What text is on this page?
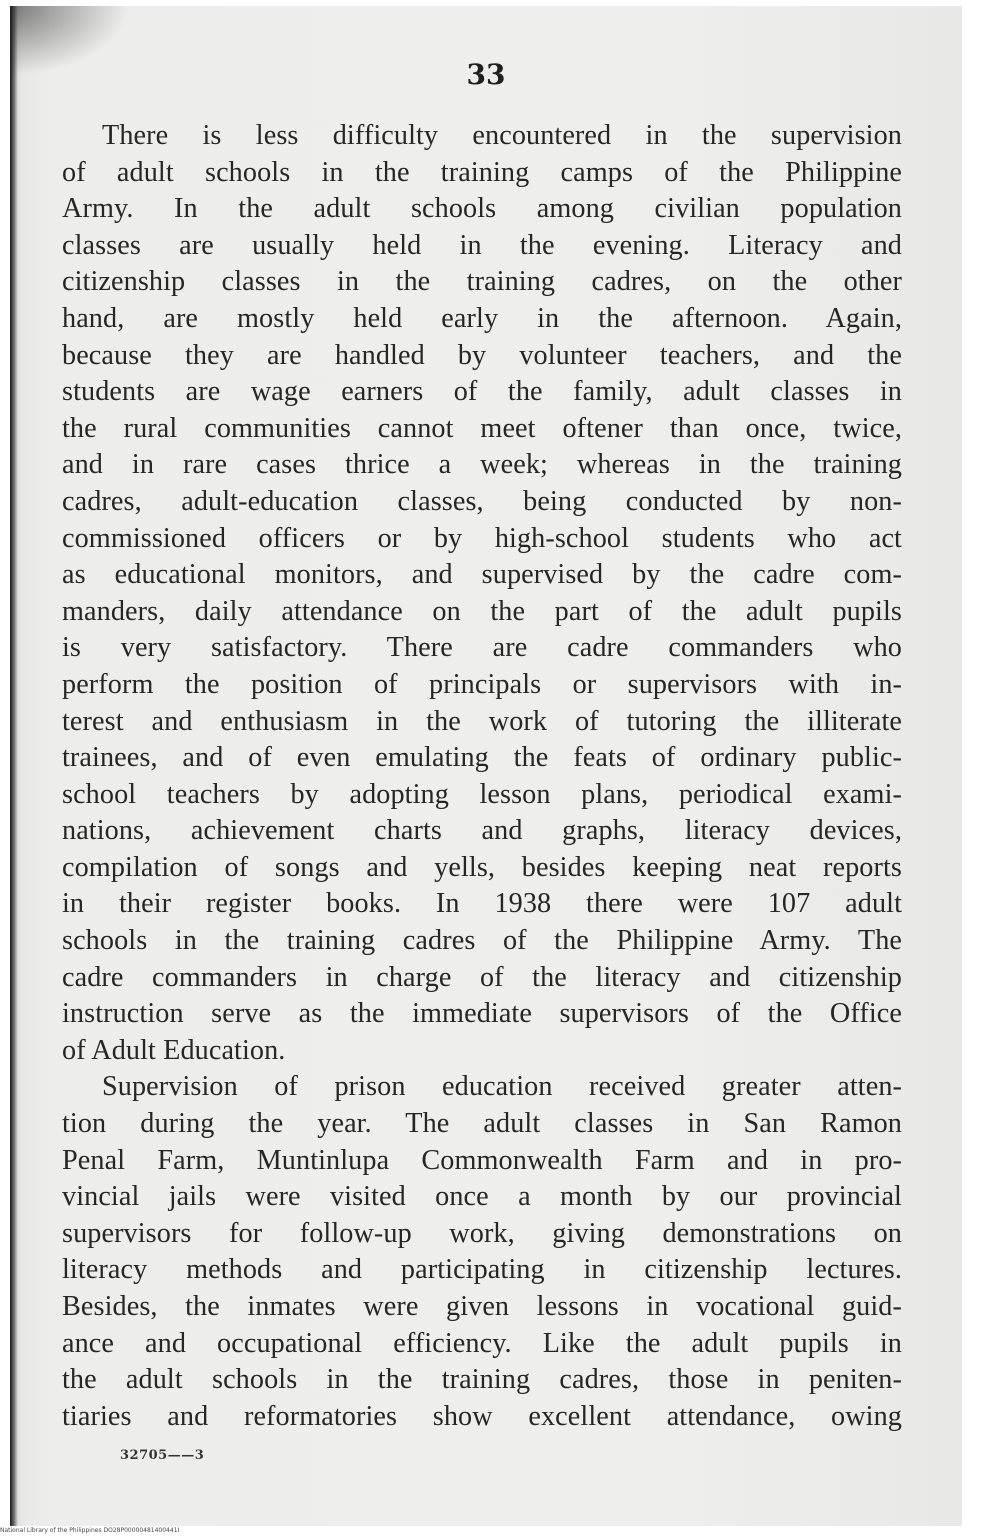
33
There is less difficulty encountered in the supervision
of adult schools in the training camps of the Philippine
Army. In the adult schools among civilian population
classes are usually held in the evening. Literacy and
citizenship classes in the training cadres, on the other
hand, are mostly held early in the afternoon. Again,
because they are handled by volunteer teachers, and the
students are wage earners of the family, adult classes in
the rural communities cannot meet oftener than once, twice,
and in rare cases thrice a week; whereas in the training
cadres, adult-education classes, being conducted by non-
commissioned officers or by high-school students who act
as educational monitors, and supervised by the cadre com-
manders, daily attendance on the part of the adult pupils
is very satisfactory. There are cadre commanders who
perform the position of principals or supervisors with in-
terest and enthusiasm in the work of tutoring the illiterate
trainees, and of even emulating the feats of ordinary public-
school teachers by adopting lesson plans, periodical exami-
nations, achievement charts and graphs, literacy devices,
compilation of songs and yells, besides keeping neat reports
in their register books. In 1938 there were 107 adult
schools in the training cadres of the Philippine Army. The
cadre commanders in charge of the literacy and citizenship
instruction serve as the immediate supervisors of the Office
of Adult Education.
Supervision of prison education received greater atten-
tion during the year. The adult classes in San Ramon
Penal Farm, Muntinlupa Commonwealth Farm and in pro-
vincial jails were visited once a month by our provincial
supervisors for follow-up work, giving demonstrations on
literacy methods and participating in citizenship lectures.
Besides, the inmates were given lessons in vocational guid-
ance and occupational efficiency. Like the adult pupils in
the adult schools in the training cadres, those in peniten-
tiaries and reformatories show excellent attendance, owing
32705——3
National Library of the Philippines DO28P00000481400441I
